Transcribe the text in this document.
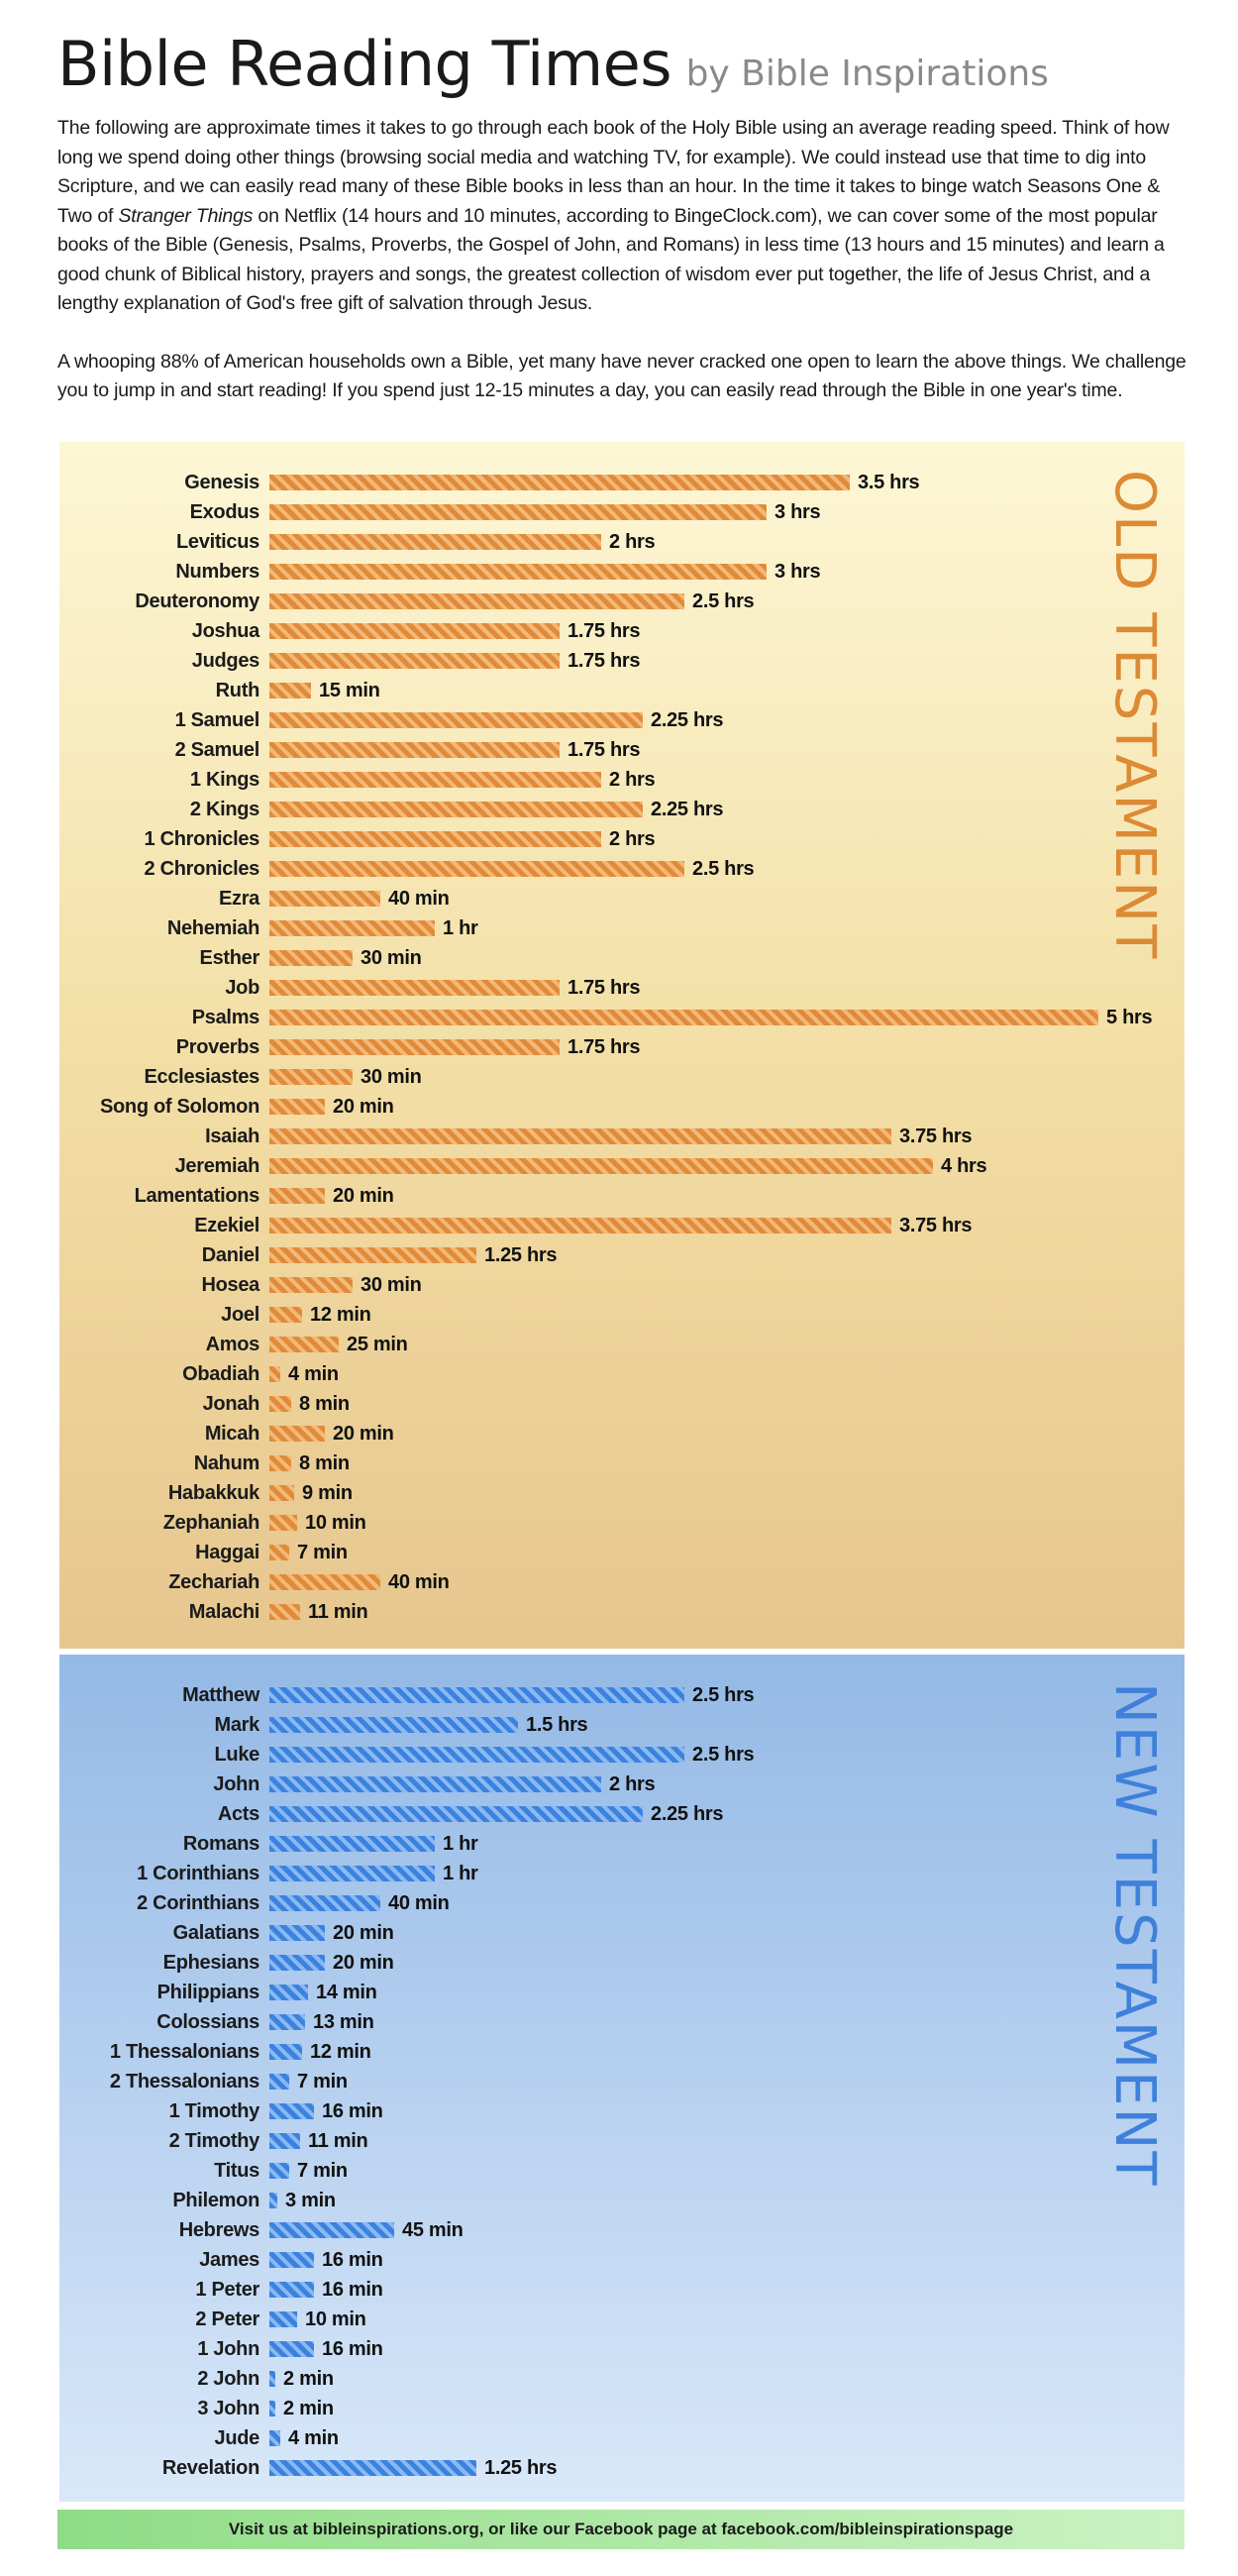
Bible Reading Times by Bible Inspirations

The following are approximate times it takes to go through each book of the Holy Bible using an average reading speed. Think of how long we spend doing other things (browsing social media and watching TV, for example). We could instead use that time to dig into Scripture, and we can easily read many of these Bible books in less than an hour. In the time it takes to binge watch Seasons One & Two of Stranger Things on Netflix (14 hours and 10 minutes, according to BingeClock.com), we can cover some of the most popular books of the Bible (Genesis, Psalms, Proverbs, the Gospel of John, and Romans) in less time (13 hours and 15 minutes) and learn a good chunk of Biblical history, prayers and songs, the greatest collection of wisdom ever put together, the life of Jesus Christ, and a lengthy explanation of God's free gift of salvation through Jesus.

A whooping 88% of American households own a Bible, yet many have never cracked one open to learn the above things. We challenge you to jump in and start reading! If you spend just 12-15 minutes a day, you can easily read through the Bible in one year's time.

OLD TESTAMENT
Genesis	3.5 hrs
Exodus	3 hrs
Leviticus	2 hrs
Numbers	3 hrs
Deuteronomy	2.5 hrs
Joshua	1.75 hrs
Judges	1.75 hrs
Ruth	15 min
1 Samuel	2.25 hrs
2 Samuel	1.75 hrs
1 Kings	2 hrs
2 Kings	2.25 hrs
1 Chronicles	2 hrs
2 Chronicles	2.5 hrs
Ezra	40 min
Nehemiah	1 hr
Esther	30 min
Job	1.75 hrs
Psalms	5 hrs
Proverbs	1.75 hrs
Ecclesiastes	30 min
Song of Solomon	20 min
Isaiah	3.75 hrs
Jeremiah	4 hrs
Lamentations	20 min
Ezekiel	3.75 hrs
Daniel	1.25 hrs
Hosea	30 min
Joel	12 min
Amos	25 min
Obadiah 4 min
Jonah 8 min
Micah	20 min
Nahum 8 min
Habakkuk 9 min
Zephaniah 10 min
Haggai 7 min
Zechariah	40 min
Malachi 11 min
NEW TESTAMENT
Matthew	2.5 hrs
Mark	1.5 hrs
Luke	2.5 hrs
John	2 hrs
Acts	2.25 hrs
Romans	1 hr
1 Corinthians	1 hr
2 Corinthians	40 min
Galatians	20 min
Ephesians	20 min
Philippians	14 min
Colossians	13 min
1 Thessalonians	12 min
2 Thessalonians 7 min
1 Timothy	16 min
2 Timothy 11 min
Titus 7 min
Philemon 3 min
Hebrews	45 min
James	16 min
1 Peter	16 min
2 Peter 10 min
1 John	16 min
2 John 2 min
3 John 2 min
Jude 4 min
Revelation	1.25 hrs
Visit us at bibleinspirations.org, or like our Facebook page at facebook.com/bibleinspirationspage
